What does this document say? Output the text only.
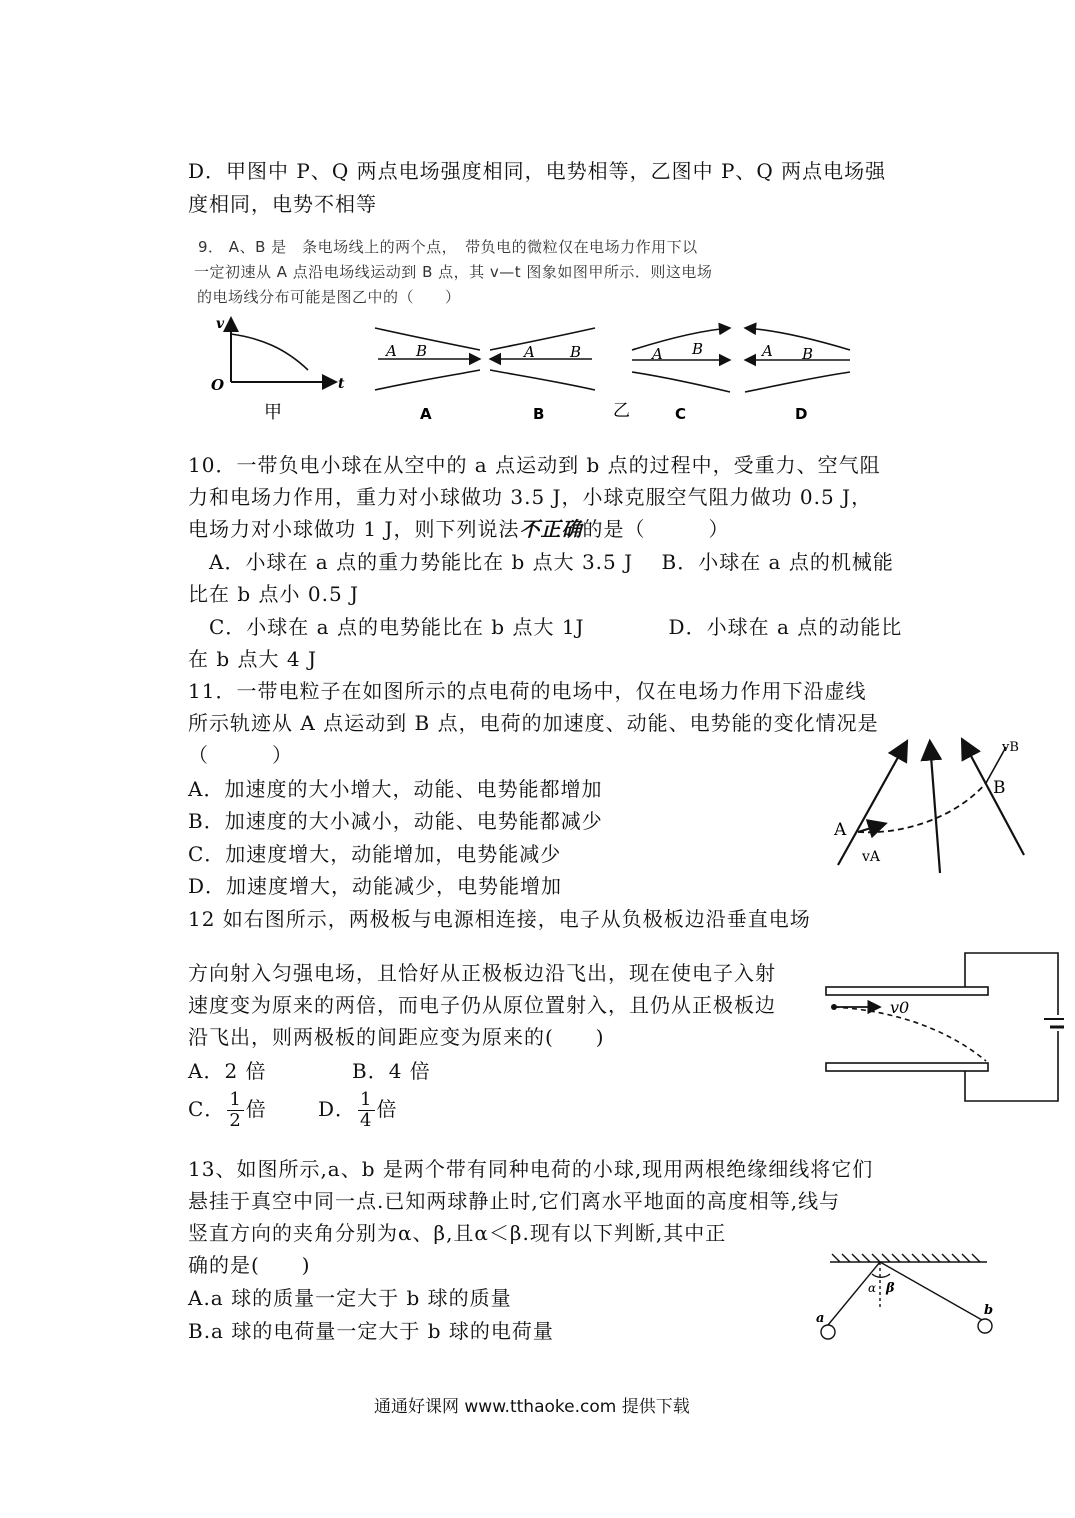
D．甲图中 P、Q 两点电场强度相同，电势相等，乙图中 P、Q 两点电场强
度相同，电势不相等
9． A、B 是　条电场线上的两个点，　带负电的微粒仅在电场力作用下以
一定初速从 A 点沿电场线运动到 B 点，其 v—t 图象如图甲所示．则这电场
的电场线分布可能是图乙中的（　　）
v
O	t
甲
A B	A B
A	B	乙
A B	A B
C	D
10．一带负电小球在从空中的 a 点运动到 b 点的过程中，受重力、空气阻
力和电场力作用，重力对小球做功 3.5 J，小球克服空气阻力做功 0.5 J，
电场力对小球做功 1 J，则下列说法不正确的是（　　　）
　A．小球在 a 点的重力势能比在 b 点大 3.5 J　 B．小球在 a 点的机械能
比在 b 点小 0.5 J
　C．小球在 a 点的电势能比在 b 点大 1J　　　　D．小球在 a 点的动能比
在 b 点大 4 J
11．一带电粒子在如图所示的点电荷的电场中，仅在电场力作用下沿虚线
所示轨迹从 A 点运动到 B 点，电荷的加速度、动能、电势能的变化情况是
（　　　）
A．加速度的大小增大，动能、电势能都增加
B．加速度的大小减小，动能、电势能都减少
C．加速度增大，动能增加，电势能减少
D．加速度增大，动能减少，电势能增加
A
B
vA
vB
12 如右图所示，两极板与电源相连接，电子从负极板边沿垂直电场
方向射入匀强电场，且恰好从正极板边沿飞出，现在使电子入射
速度变为原来的两倍，而电子仍从原位置射入，且仍从正极板边
沿飞出，则两极板的间距应变为原来的(　　)
A．2 倍	B．4 倍
C． $\frac{1}{2}$ 倍	D． $\frac{1}{4}$ 倍
v0
13、如图所示,a、b 是两个带有同种电荷的小球,现用两根绝缘细线将它们
悬挂于真空中同一点.已知两球静止时,它们离水平地面的高度相等,线与
竖直方向的夹角分别为α、β,且α＜β.现有以下判断,其中正
确的是(　　)
A.a 球的质量一定大于 b 球的质量
B.a 球的电荷量一定大于 b 球的电荷量
α β
a
b
通通好课网 www.tthaoke.com 提供下载
